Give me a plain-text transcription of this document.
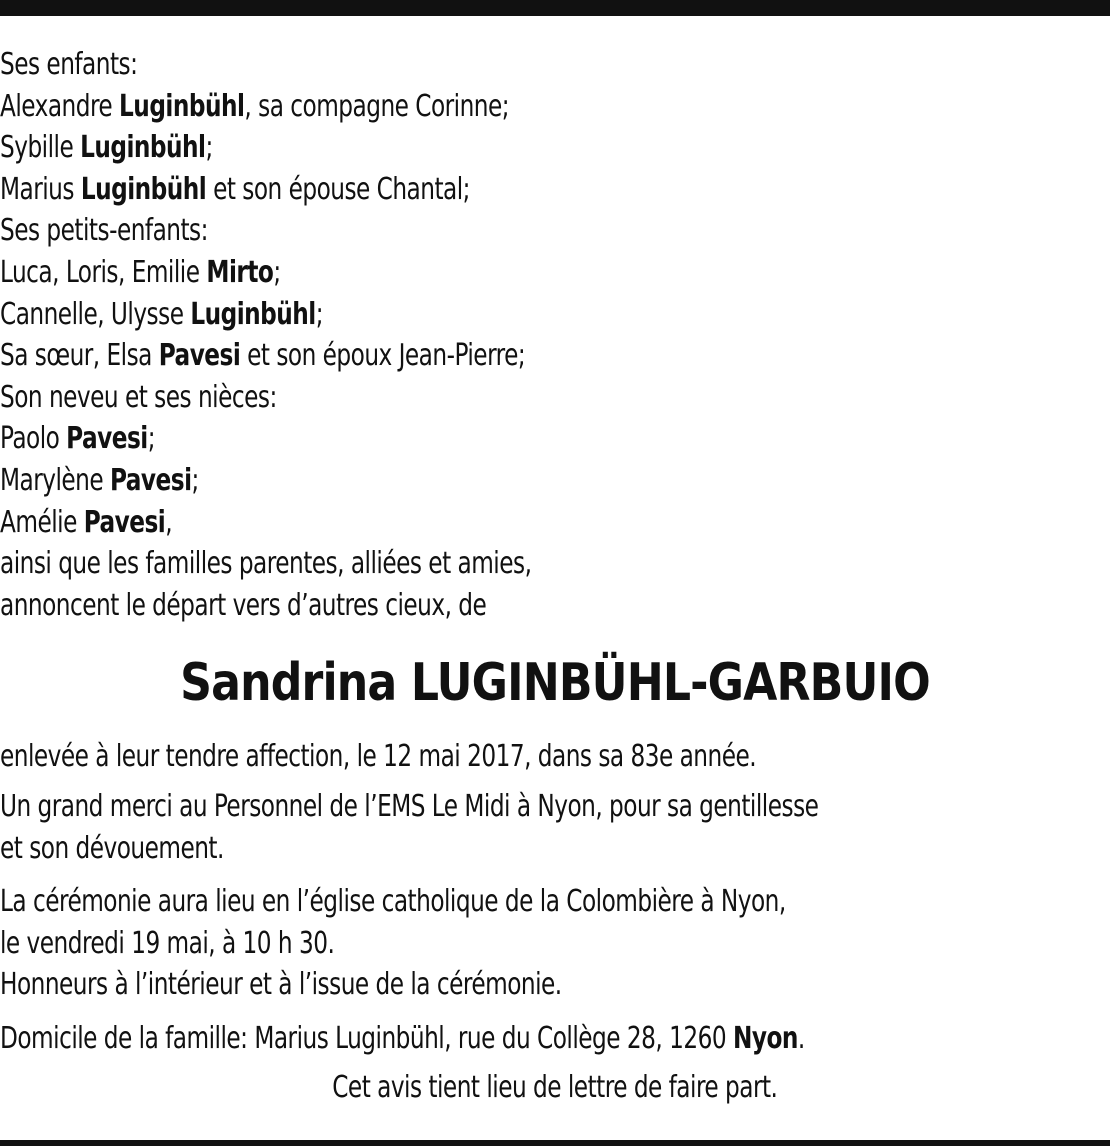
Ses enfants:
Alexandre Luginbühl, sa compagne Corinne;
Sybille Luginbühl;
Marius Luginbühl et son épouse Chantal;
Ses petits-enfants:
Luca, Loris, Emilie Mirto;
Cannelle, Ulysse Luginbühl;
Sa sœur, Elsa Pavesi et son époux Jean-Pierre;
Son neveu et ses nièces:
Paolo Pavesi;
Marylène Pavesi;
Amélie Pavesi,
ainsi que les familles parentes, alliées et amies,
annoncent le départ vers d’autres cieux, de
Sandrina LUGINBÜHL-GARBUIO
enlevée à leur tendre affection, le 12 mai 2017, dans sa 83e année.
Un grand merci au Personnel de l’EMS Le Midi à Nyon, pour sa gentillesse
et son dévouement.
La cérémonie aura lieu en l’église catholique de la Colombière à Nyon,
le vendredi 19 mai, à 10 h 30.
Honneurs à l’intérieur et à l’issue de la cérémonie.
Domicile de la famille: Marius Luginbühl, rue du Collège 28, 1260 Nyon.
Cet avis tient lieu de lettre de faire part.
